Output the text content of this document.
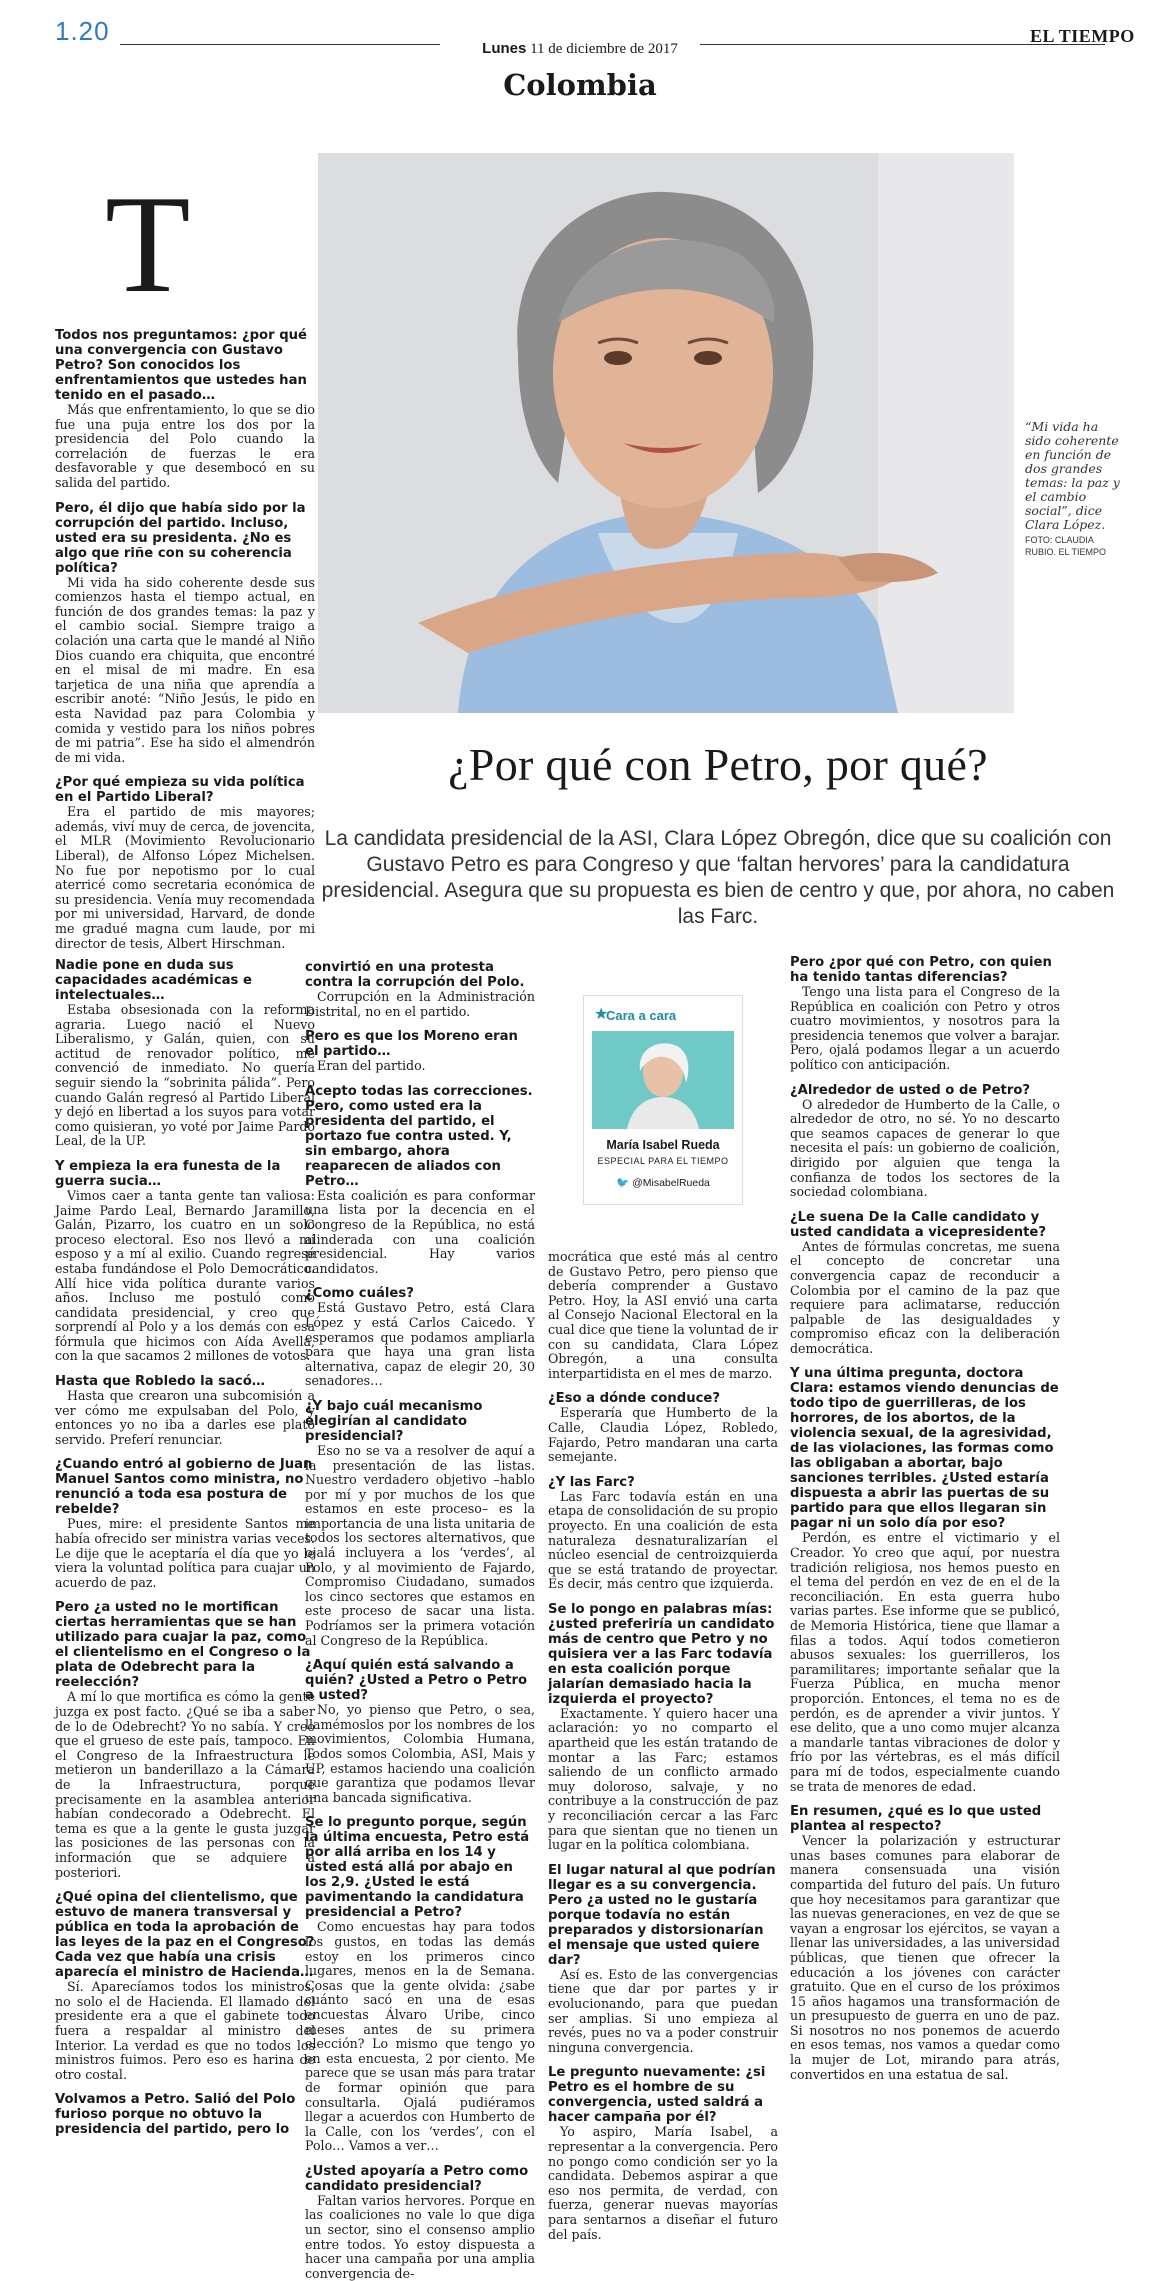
1.20
Lunes 11 de diciembre de 2017
EL TIEMPO
Colombia
“Mi vida ha sido coherente en función de dos grandes temas: la paz y el cambio social”, dice Clara López.
FOTO: CLAUDIA RUBIO. EL TIEMPO
T
¿Por qué con Petro, por qué?
La candidata presidencial de la ASI, Clara López Obregón, dice que su coalición con Gustavo Petro es para Congreso y que ‘faltan hervores’ para la candidatura presidencial. Asegura que su propuesta es bien de centro y que, por ahora, no caben las Farc.
Todos nos preguntamos: ¿por qué una convergencia con Gustavo Petro? Son conocidos los enfrentamientos que ustedes han tenido en el pasado…

Más que enfrentamiento, lo que se dio fue una puja entre los dos por la presidencia del Polo cuando la correlación de fuerzas le era desfavorable y que desembocó en su salida del partido.

Pero, él dijo que había sido por la corrupción del partido. Incluso, usted era su presidenta. ¿No es algo que riñe con su coherencia política?

Mi vida ha sido coherente desde sus comienzos hasta el tiempo actual, en función de dos grandes temas: la paz y el cambio social. Siempre traigo a colación una carta que le mandé al Niño Dios cuando era chiquita, que encontré en el misal de mi madre. En esa tarjetica de una niña que aprendía a escribir anoté: “Niño Jesús, le pido en esta Navidad paz para Colombia y comida y vestido para los niños pobres de mi patria”. Ese ha sido el almendrón de mi vida.

¿Por qué empieza su vida política en el Partido Liberal?

Era el partido de mis mayores; además, viví muy de cerca, de jovencita, el MLR (Movimiento Revolucionario Liberal), de Alfonso López Michelsen. No fue por nepotismo por lo cual aterricé como secretaria económica de su presidencia. Venía muy recomendada por mi universidad, Harvard, de donde me gradué magna cum laude, por mi director de tesis, Albert Hirschman.

Nadie pone en duda sus capacidades académicas e intelectuales…

Estaba obsesionada con la reforma agraria. Luego nació el Nuevo Liberalismo, y Galán, quien, con su actitud de renovador político, me convenció de inmediato. No quería seguir siendo la “sobrinita pálida”. Pero cuando Galán regresó al Partido Liberal y dejó en libertad a los suyos para votar como quisieran, yo voté por Jaime Pardo Leal, de la UP.

Y empieza la era funesta de la guerra sucia…

Vimos caer a tanta gente tan valiosa: Jaime Pardo Leal, Bernardo Jaramillo, Galán, Pizarro, los cuatro en un solo proceso electoral. Eso nos llevó a mi esposo y a mí al exilio. Cuando regresé estaba fundándose el Polo Democrático. Allí hice vida política durante varios años. Incluso me postuló como candidata presidencial, y creo que sorprendí al Polo y a los demás con esa fórmula que hicimos con Aída Avella, con la que sacamos 2 millones de votos.

Hasta que Robledo la sacó…

Hasta que crearon una subcomisión a ver cómo me expulsaban del Polo, y entonces yo no iba a darles ese plato servido. Preferí renunciar.

¿Cuando entró al gobierno de Juan Manuel Santos como ministra, no renunció a toda esa postura de rebelde?

Pues, mire: el presidente Santos me había ofrecido ser ministra varias veces. Le dije que le aceptaría el día que yo le viera la voluntad política para cuajar un acuerdo de paz.

Pero ¿a usted no le mortifican ciertas herramientas que se han utilizado para cuajar la paz, como el clientelismo en el Congreso o la plata de Odebrecht para la reelección?

A mí lo que mortifica es cómo la gente juzga ex post facto. ¿Qué se iba a saber de lo de Odebrecht? Yo no sabía. Y creo que el grueso de este país, tampoco. En el Congreso de la Infraestructura le metieron un banderillazo a la Cámara de la Infraestructura, porque precisamente en la asamblea anterior habían condecorado a Odebrecht. El tema es que a la gente le gusta juzgar las posiciones de las personas con la información que se adquiere a posteriori.

¿Qué opina del clientelismo, que estuvo de manera transversal y pública en toda la aprobación de las leyes de la paz en el Congreso? Cada vez que había una crisis aparecía el ministro de Hacienda…

Sí. Aparecíamos todos los ministros, no solo el de Hacienda. El llamado del presidente era a que el gabinete todo fuera a respaldar al ministro del Interior. La verdad es que no todos los ministros fuimos. Pero eso es harina de otro costal.

Volvamos a Petro. Salió del Polo furioso porque no obtuvo la presidencia del partido, pero lo
convirtió en una protesta contra la corrupción del Polo.

Corrupción en la Administración Distrital, no en el partido.

Pero es que los Moreno eran el partido…

Eran del partido.

Acepto todas las correcciones. Pero, como usted era la presidenta del partido, el portazo fue contra usted. Y, sin embargo, ahora reaparecen de aliados con Petro…

Esta coalición es para conformar una lista por la decencia en el Congreso de la República, no está alinderada con una coalición presidencial. Hay varios candidatos.

¿Como cuáles?

Está Gustavo Petro, está Clara López y está Carlos Caicedo. Y esperamos que podamos ampliarla para que haya una gran lista alternativa, capaz de elegir 20, 30 senadores…

¿Y bajo cuál mecanismo elegirían al candidato presidencial?

Eso no se va a resolver de aquí a la presentación de las listas. Nuestro verdadero objetivo –hablo por mí y por muchos de los que estamos en este proceso– es la importancia de una lista unitaria de todos los sectores alternativos, que ojalá incluyera a los ‘verdes’, al Polo, y al movimiento de Fajardo, Compromiso Ciudadano, sumados los cinco sectores que estamos en este proceso de sacar una lista. Podríamos ser la primera votación al Congreso de la República.

¿Aquí quién está salvando a quién? ¿Usted a Petro o Petro a usted?

No, yo pienso que Petro, o sea, llamémoslos por los nombres de los movimientos, Colombia Humana, Todos somos Colombia, ASI, Mais y UP, estamos haciendo una coalición que garantiza que podamos llevar una bancada significativa.

Se lo pregunto porque, según la última encuesta, Petro está por allá arriba en los 14 y usted está allá por abajo en los 2,9. ¿Usted le está pavimentando la candidatura presidencial a Petro?

Como encuestas hay para todos los gustos, en todas las demás estoy en los primeros cinco lugares, menos en la de Semana. Cosas que la gente olvida: ¿sabe cuánto sacó en una de esas encuestas Álvaro Uribe, cinco meses antes de su primera elección? Lo mismo que tengo yo en esta encuesta, 2 por ciento. Me parece que se usan más para tratar de formar opinión que para consultarla. Ojalá pudiéramos llegar a acuerdos con Humberto de la Calle, con los ‘verdes’, con el Polo… Vamos a ver…

¿Usted apoyaría a Petro como candidato presidencial?

Faltan varios hervores. Porque en las coaliciones no vale lo que diga un sector, sino el consenso amplio entre todos. Yo estoy dispuesta a hacer una campaña por una amplia convergencia de-

mocrática que esté más al centro de Gustavo Petro, pero pienso que debería comprender a Gustavo Petro. Hoy, la ASI envió una carta al Consejo Nacional Electoral en la cual dice que tiene la voluntad de ir con su candidata, Clara López Obregón, a una consulta interpartidista en el mes de marzo.

¿Eso a dónde conduce?

Esperaría que Humberto de la Calle, Claudia López, Robledo, Fajardo, Petro mandaran una carta semejante.

¿Y las Farc?

Las Farc todavía están en una etapa de consolidación de su propio proyecto. En una coalición de esta naturaleza desnaturalizarían el núcleo esencial de centroizquierda que se está tratando de proyectar. Es decir, más centro que izquierda.

Se lo pongo en palabras mías: ¿usted preferiría un candidato más de centro que Petro y no quisiera ver a las Farc todavía en esta coalición porque jalarían demasiado hacia la izquierda el proyecto?

Exactamente. Y quiero hacer una aclaración: yo no comparto el apartheid que les están tratando de montar a las Farc; estamos saliendo de un conflicto armado muy doloroso, salvaje, y no contribuye a la construcción de paz y reconciliación cercar a las Farc para que sientan que no tienen un lugar en la política colombiana.

El lugar natural al que podrían llegar es a su convergencia. Pero ¿a usted no le gustaría porque todavía no están preparados y distorsionarían el mensaje que usted quiere dar?

Así es. Esto de las convergencias tiene que dar por partes y ir evolucionando, para que puedan ser amplias. Si uno empieza al revés, pues no va a poder construir ninguna convergencia.

Le pregunto nuevamente: ¿si Petro es el hombre de su convergencia, usted saldrá a hacer campaña por él?

Yo aspiro, María Isabel, a representar a la convergencia. Pero no pongo como condición ser yo la candidata. Debemos aspirar a que eso nos permita, de verdad, con fuerza, generar nuevas mayorías para sentarnos a diseñar el futuro del país.

Pero ¿por qué con Petro, con quien ha tenido tantas diferencias?

Tengo una lista para el Congreso de la República en coalición con Petro y otros cuatro movimientos, y nosotros para la presidencia tenemos que volver a barajar. Pero, ojalá podamos llegar a un acuerdo político con anticipación.

¿Alrededor de usted o de Petro?

O alrededor de Humberto de la Calle, o alrededor de otro, no sé. Yo no descarto que seamos capaces de generar lo que necesita el país: un gobierno de coalición, dirigido por alguien que tenga la confianza de todos los sectores de la sociedad colombiana.

¿Le suena De la Calle candidato y usted candidata a vicepresidente?

Antes de fórmulas concretas, me suena el concepto de concretar una convergencia capaz de reconducir a Colombia por el camino de la paz que requiere para aclimatarse, reducción palpable de las desigualdades y compromiso eficaz con la deliberación democrática.

Y una última pregunta, doctora Clara: estamos viendo denuncias de todo tipo de guerrilleras, de los horrores, de los abortos, de la violencia sexual, de la agresividad, de las violaciones, las formas como las obligaban a abortar, bajo sanciones terribles. ¿Usted estaría dispuesta a abrir las puertas de su partido para que ellos llegaran sin pagar ni un solo día por eso?

Perdón, es entre el victimario y el Creador. Yo creo que aquí, por nuestra tradición religiosa, nos hemos puesto en el tema del perdón en vez de en el de la reconciliación. En esta guerra hubo varias partes. Ese informe que se publicó, de Memoria Histórica, tiene que llamar a filas a todos. Aquí todos cometieron abusos sexuales: los guerrilleros, los paramilitares; importante señalar que la Fuerza Pública, en mucha menor proporción. Entonces, el tema no es de perdón, es de aprender a vivir juntos. Y ese delito, que a uno como mujer alcanza a mandarle tantas vibraciones de dolor y frío por las vértebras, es el más difícil para mí de todos, especialmente cuando se trata de menores de edad.

En resumen, ¿qué es lo que usted plantea al respecto?

Vencer la polarización y estructurar unas bases comunes para elaborar de manera consensuada una visión compartida del futuro del país. Un futuro que hoy necesitamos para garantizar que las nuevas generaciones, en vez de que se vayan a engrosar los ejércitos, se vayan a llenar las universidades, a las universidad públicas, que tienen que ofrecer la educación a los jóvenes con carácter gratuito. Que en el curso de los próximos 15 años hagamos una transformación de un presupuesto de guerra en uno de paz. Si nosotros no nos ponemos de acuerdo en esos temas, nos vamos a quedar como la mujer de Lot, mirando para atrás, convertidos en una estatua de sal.

★
Cara a cara
María Isabel Rueda
ESPECIAL PARA EL TIEMPO
🐦 @MisabelRueda
